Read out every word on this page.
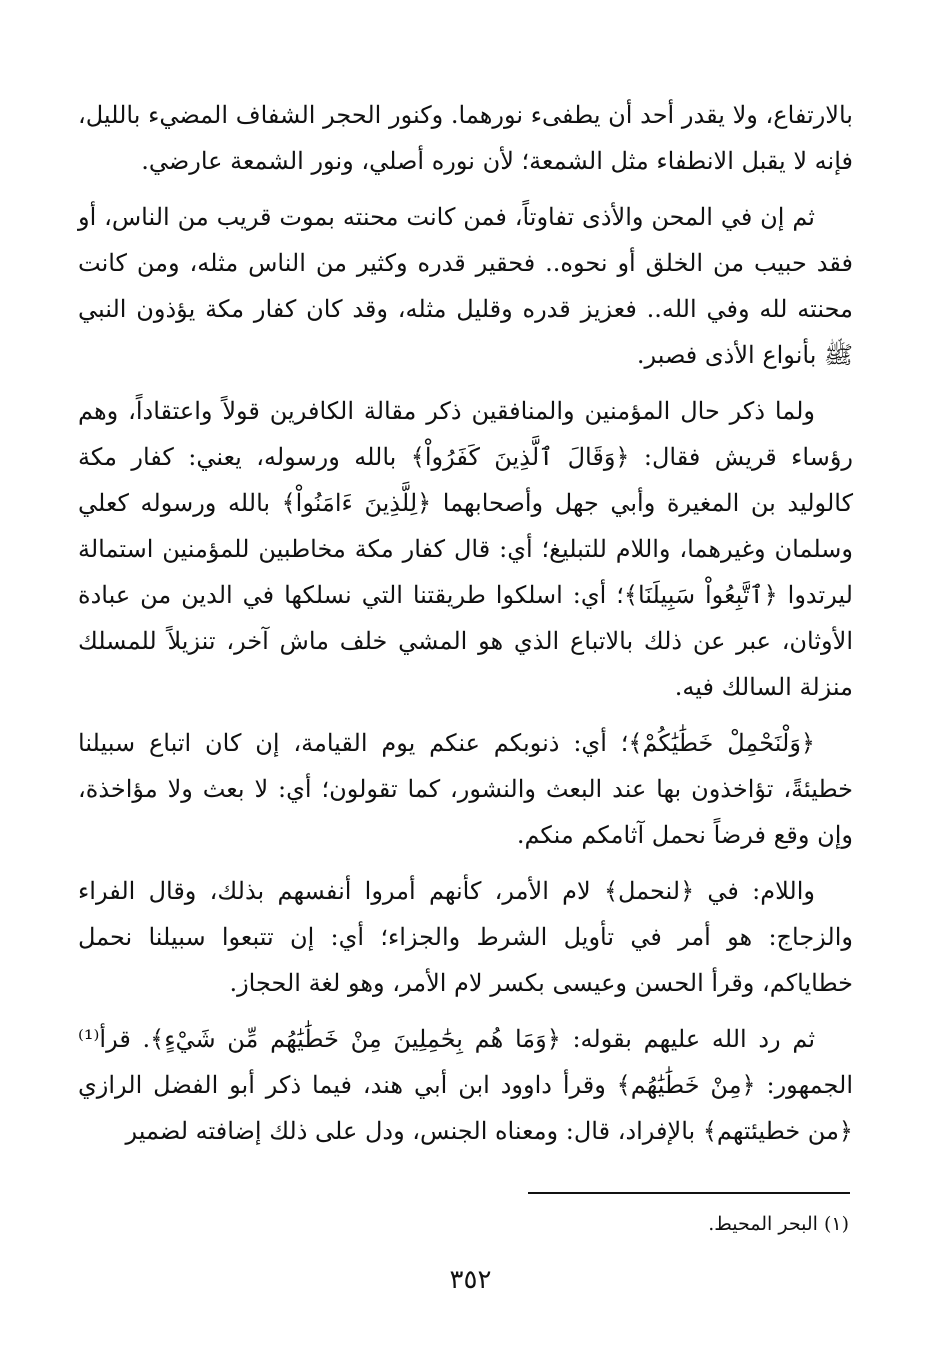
بالارتفاع، ولا يقدر أحد أن يطفىء نورهما. وكنور الحجر الشفاف المضيء بالليل، فإنه لا يقبل الانطفاء مثل الشمعة؛ لأن نوره أصلي، ونور الشمعة عارضي.

ثم إن في المحن والأذى تفاوتاً، فمن كانت محنته بموت قريب من الناس، أو فقد حبيب من الخلق أو نحوه.. فحقير قدره وكثير من الناس مثله، ومن كانت محنته لله وفي الله.. فعزيز قدره وقليل مثله، وقد كان كفار مكة يؤذون النبي ﷺ بأنواع الأذى فصبر.

ولما ذكر حال المؤمنين والمنافقين ذكر مقالة الكافرين قولاً واعتقاداً، وهم رؤساء قريش فقال: ﴿وَقَالَ ٱلَّذِينَ كَفَرُواْ﴾ بالله ورسوله، يعني: كفار مكة كالوليد بن المغيرة وأبي جهل وأصحابهما ﴿لِلَّذِينَ ءَامَنُواْ﴾ بالله ورسوله كعلي وسلمان وغيرهما، واللام للتبليغ؛ أي: قال كفار مكة مخاطبين للمؤمنين استمالة ليرتدوا ﴿ٱتَّبِعُواْ سَبِيلَنَا﴾؛ أي: اسلكوا طريقتنا التي نسلكها في الدين من عبادة الأوثان، عبر عن ذلك بالاتباع الذي هو المشي خلف ماش آخر، تنزيلاً للمسلك منزلة السالك فيه.

﴿وَلْنَحْمِلْ خَطَٰيَٰكُمْ﴾؛ أي: ذنوبكم عنكم يوم القيامة، إن كان اتباع سبيلنا خطيئةً، تؤاخذون بها عند البعث والنشور، كما تقولون؛ أي: لا بعث ولا مؤاخذة، وإن وقع فرضاً نحمل آثامكم منكم.

واللام: في ﴿لنحمل﴾ لام الأمر، كأنهم أمروا أنفسهم بذلك، وقال الفراء والزجاج: هو أمر في تأويل الشرط والجزاء؛ أي: إن تتبعوا سبيلنا نحمل خطاياكم، وقرأ الحسن وعيسى بكسر لام الأمر، وهو لغة الحجاز.

ثم رد الله عليهم بقوله: ﴿وَمَا هُم بِحَٰمِلِينَ مِنْ خَطَٰيَٰهُم مِّن شَيْءٍ﴾. قرأ⁽¹⁾ الجمهور: ﴿مِنْ خَطَٰيَٰهُم﴾ وقرأ داوود ابن أبي هند، فيما ذكر أبو الفضل الرازي ﴿من خطيئتهم﴾ بالإفراد، قال: ومعناه الجنس، ودل على ذلك إضافته لضمير

(١) البحر المحيط.
٣٥٢
